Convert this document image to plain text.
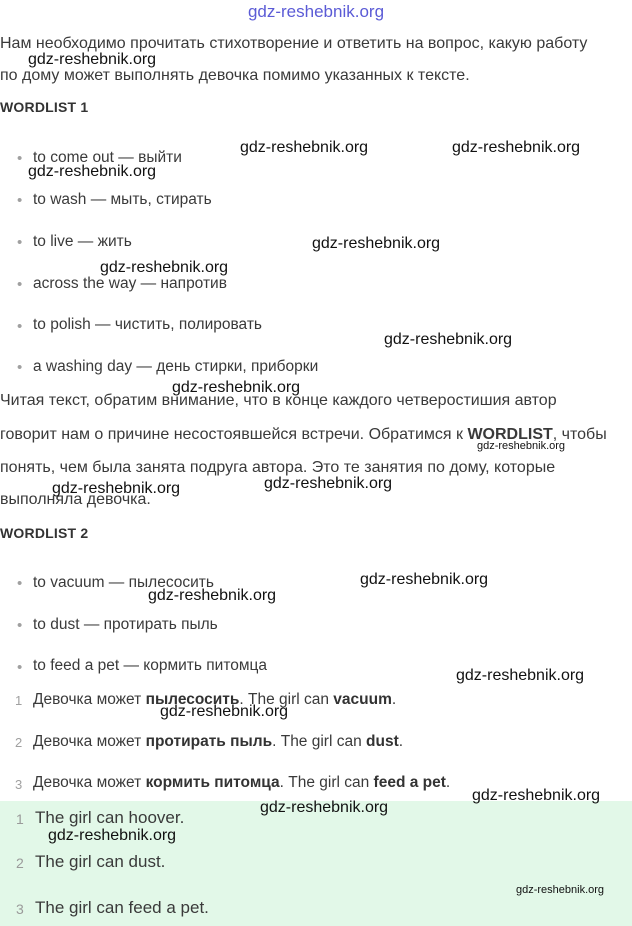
gdz-reshebnik.org
Нам необходимо прочитать стихотворение и ответить на вопрос, какую работу
по дому может выполнять девочка помимо указанных к тексте.
WORDLIST 1
• to come out — выйти
• to wash — мыть, стирать
• to live — жить
• across the way — напротив
• to polish — чистить, полировать
• a washing day — день стирки, приборки
Читая текст, обратим внимание, что в конце каждого четверостишия автор
говорит нам о причине несостоявшейся встречи. Обратимся к WORDLIST, чтобы
понять, чем была занята подруга автора. Это те занятия по дому, которые
выполняла девочка.
WORDLIST 2
• to vacuum — пылесосить
• to dust — протирать пыль
• to feed a pet — кормить питомца
1 Девочка может пылесосить. The girl can vacuum.
2 Девочка может протирать пыль. The girl can dust.
3 Девочка может кормить питомца. The girl can feed a pet.
1 The girl can hoover.
2 The girl can dust.
3 The girl can feed a pet.
gdz-reshebnik.org
gdz-reshebnik.org	gdz-reshebnik.org
gdz-reshebnik.org
gdz-reshebnik.org
gdz-reshebnik.org
gdz-reshebnik.org
gdz-reshebnik.org
gdz-reshebnik.org
gdz-reshebnik.org
gdz-reshebnik.org
gdz-reshebnik.org
gdz-reshebnik.org
gdz-reshebnik.org
gdz-reshebnik.org
gdz-reshebnik.org
gdz-reshebnik.org
gdz-reshebnik.org
gdz-reshebnik.org
